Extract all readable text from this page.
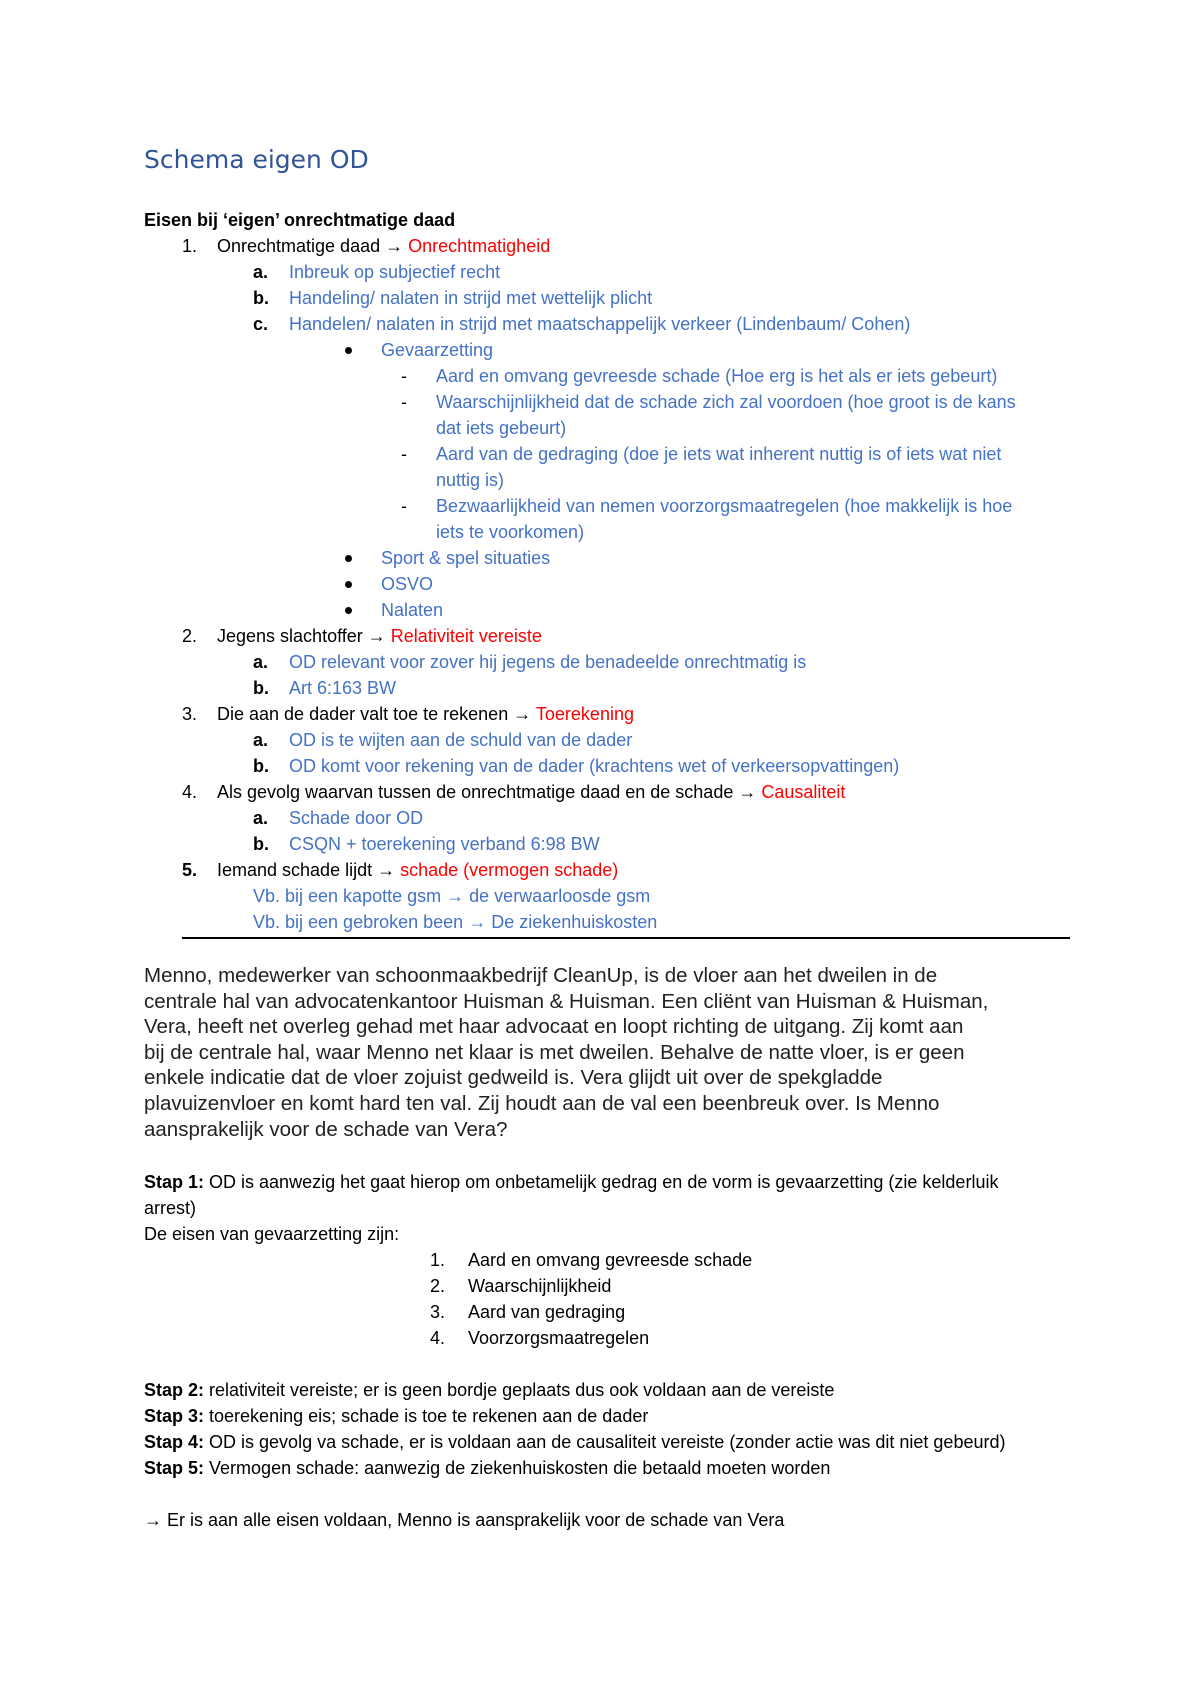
Schema eigen OD
Eisen bij ‘eigen’ onrechtmatige daad
1. Onrechtmatige daad → Onrechtmatigheid
a. Inbreuk op subjectief recht
b. Handeling/ nalaten in strijd met wettelijk plicht
c. Handelen/ nalaten in strijd met maatschappelijk verkeer (Lindenbaum/ Cohen)
Gevaarzetting
- Aard en omvang gevreesde schade (Hoe erg is het als er iets gebeurt)
- Waarschijnlijkheid dat de schade zich zal voordoen (hoe groot is de kans
dat iets gebeurt)
- Aard van de gedraging (doe je iets wat inherent nuttig is of iets wat niet
nuttig is)
- Bezwaarlijkheid van nemen voorzorgsmaatregelen (hoe makkelijk is hoe
iets te voorkomen)
Sport & spel situaties
OSVO
Nalaten
2. Jegens slachtoffer → Relativiteit vereiste
a. OD relevant voor zover hij jegens de benadeelde onrechtmatig is
b. Art 6:163 BW
3. Die aan de dader valt toe te rekenen → Toerekening
a. OD is te wijten aan de schuld van de dader
b. OD komt voor rekening van de dader (krachtens wet of verkeersopvattingen)
4. Als gevolg waarvan tussen de onrechtmatige daad en de schade → Causaliteit
a. Schade door OD
b. CSQN + toerekening verband 6:98 BW
5. Iemand schade lijdt → schade (vermogen schade)
Vb. bij een kapotte gsm → de verwaarloosde gsm
Vb. bij een gebroken been → De ziekenhuiskosten

Menno, medewerker van schoonmaakbedrijf CleanUp, is de vloer aan het dweilen in de

centrale hal van advocatenkantoor Huisman & Huisman. Een cliënt van Huisman & Huisman,

Vera, heeft net overleg gehad met haar advocaat en loopt richting de uitgang. Zij komt aan

bij de centrale hal, waar Menno net klaar is met dweilen. Behalve de natte vloer, is er geen

enkele indicatie dat de vloer zojuist gedweild is. Vera glijdt uit over de spekgladde

plavuizenvloer en komt hard ten val. Zij houdt aan de val een beenbreuk over. Is Menno

aansprakelijk voor de schade van Vera?

Stap 1: OD is aanwezig het gaat hierop om onbetamelijk gedrag en de vorm is gevaarzetting (zie kelderluik
arrest)
De eisen van gevaarzetting zijn:
1. Aard en omvang gevreesde schade
2. Waarschijnlijkheid
3. Aard van gedraging
4. Voorzorgsmaatregelen
Stap 2: relativiteit vereiste; er is geen bordje geplaats dus ook voldaan aan de vereiste
Stap 3: toerekening eis; schade is toe te rekenen aan de dader
Stap 4: OD is gevolg va schade, er is voldaan aan de causaliteit vereiste (zonder actie was dit niet gebeurd)
Stap 5: Vermogen schade: aanwezig de ziekenhuiskosten die betaald moeten worden
→ Er is aan alle eisen voldaan, Menno is aansprakelijk voor de schade van Vera
